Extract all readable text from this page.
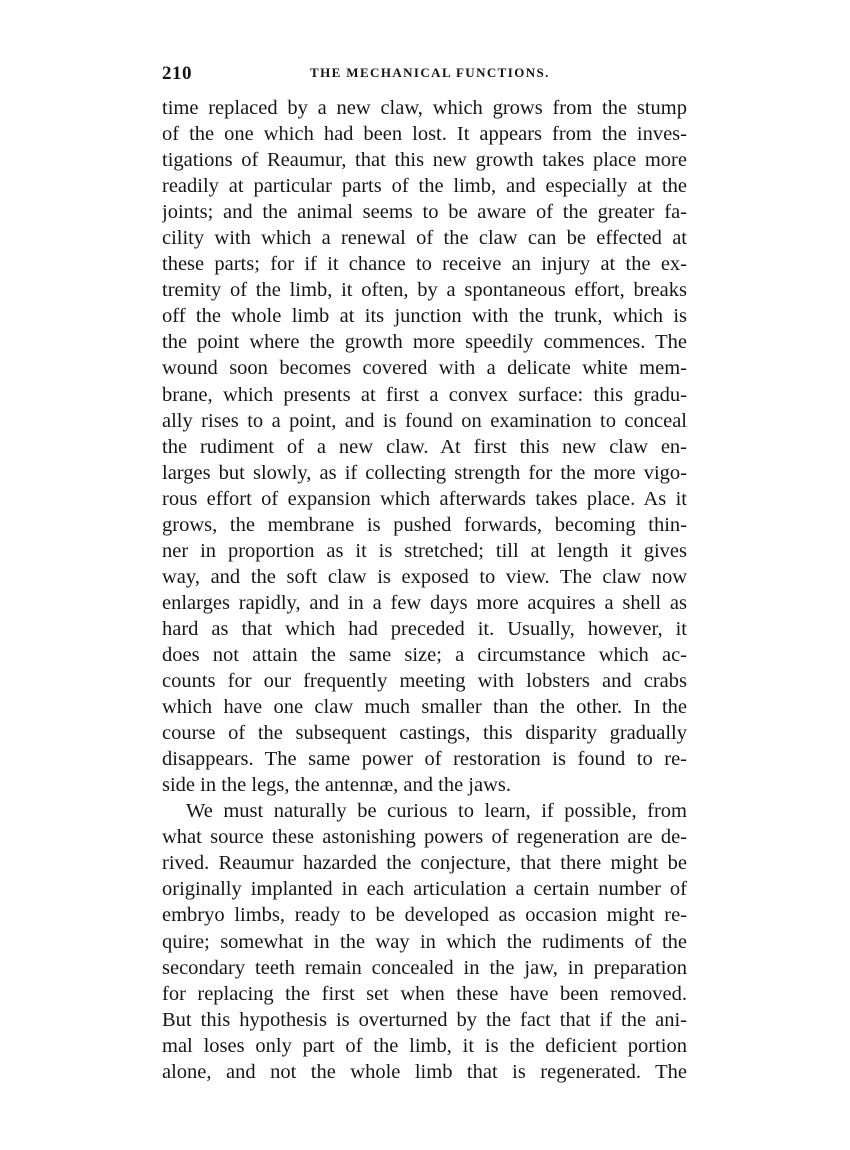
210	THE MECHANICAL FUNCTIONS.
time replaced by a new claw, which grows from the stump
of the one which had been lost. It appears from the inves-
tigations of Reaumur, that this new growth takes place more
readily at particular parts of the limb, and especially at the
joints; and the animal seems to be aware of the greater fa-
cility with which a renewal of the claw can be effected at
these parts; for if it chance to receive an injury at the ex-
tremity of the limb, it often, by a spontaneous effort, breaks
off the whole limb at its junction with the trunk, which is
the point where the growth more speedily commences. The
wound soon becomes covered with a delicate white mem-
brane, which presents at first a convex surface: this gradu-
ally rises to a point, and is found on examination to conceal
the rudiment of a new claw. At first this new claw en-
larges but slowly, as if collecting strength for the more vigo-
rous effort of expansion which afterwards takes place. As it
grows, the membrane is pushed forwards, becoming thin-
ner in proportion as it is stretched; till at length it gives
way, and the soft claw is exposed to view. The claw now
enlarges rapidly, and in a few days more acquires a shell as
hard as that which had preceded it. Usually, however, it
does not attain the same size; a circumstance which ac-
counts for our frequently meeting with lobsters and crabs
which have one claw much smaller than the other. In the
course of the subsequent castings, this disparity gradually
disappears. The same power of restoration is found to re-
side in the legs, the antennæ, and the jaws.
We must naturally be curious to learn, if possible, from
what source these astonishing powers of regeneration are de-
rived. Reaumur hazarded the conjecture, that there might be
originally implanted in each articulation a certain number of
embryo limbs, ready to be developed as occasion might re-
quire; somewhat in the way in which the rudiments of the
secondary teeth remain concealed in the jaw, in preparation
for replacing the first set when these have been removed.
But this hypothesis is overturned by the fact that if the ani-
mal loses only part of the limb, it is the deficient portion
alone, and not the whole limb that is regenerated. The
